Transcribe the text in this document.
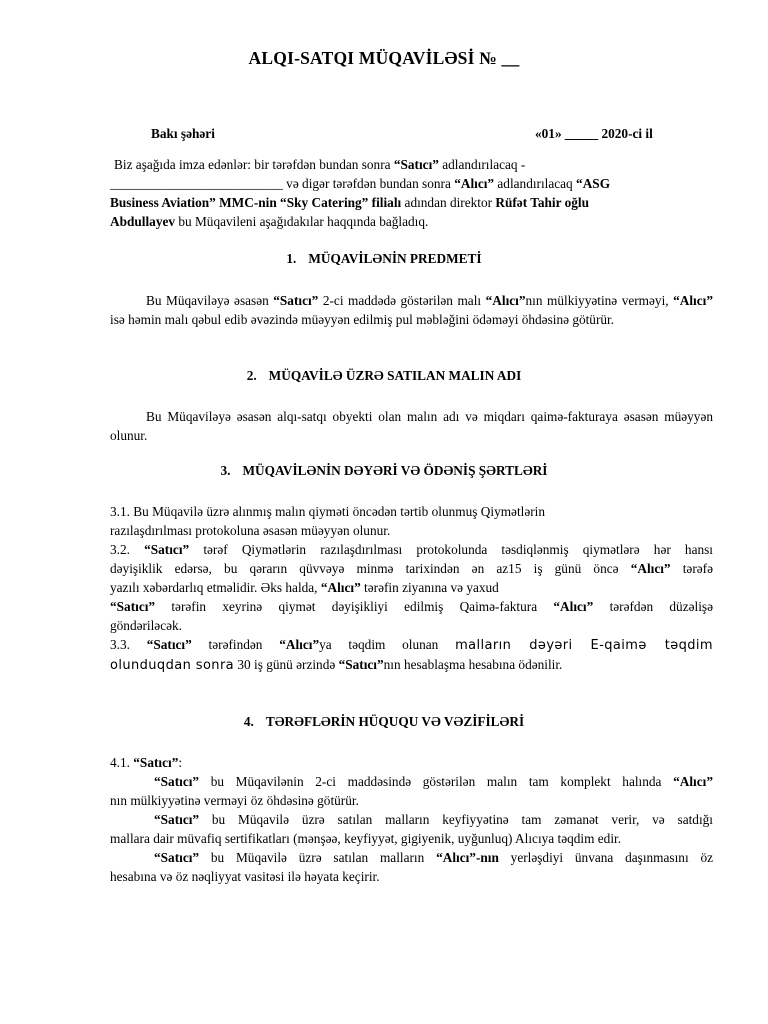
ALQI-SATQI MÜQAVİLƏSİ № __
Bakı şəhəri	«01» _____ 2020-ci il
Biz aşağıda imza edənlər: bir tərəfdən bundan sonra “Satıcı” adlandırılacaq -
__________________________ və digər tərəfdən bundan sonra “Alıcı” adlandırılacaq “ASG
Business Aviation” MMC-nin “Sky Catering” filialı adından direktor Rüfət Tahir oğlu
Abdullayev bu Müqavileni aşağıdakılar haqqında bağladıq.
1. MÜQAVİLƏNİN PREDMETİ

Bu Müqaviləyə əsasən “Satıcı” 2-ci maddədə göstərilən malı “Alıcı”nın mülkiyyətinə verməyi, “Alıcı” isə həmin malı qəbul edib əvəzində müəyyən edilmiş pul məbləğini ödəməyi öhdəsinə götürür.

2. MÜQAVİLƏ ÜZRƏ SATILAN MALIN ADI

Bu Müqaviləyə əsasən alqı-satqı obyekti olan malın adı və miqdarı qaimə-fakturaya əsasən müəyyən olunur.

3. MÜQAVİLƏNİN DƏYƏRİ VƏ ÖDƏNİŞ ŞƏRTLƏRİ
3.1. Bu Müqavilə üzrə alınmış malın qiyməti öncədən tərtib olunmuş Qiymətlərin
razılaşdırılması protokoluna əsasən müəyyən olunur.
3.2. “Satıcı” tərəf Qiymətlərin razılaşdırılması protokolunda təsdiqlənmiş qiymətlərə hər hansı
dəyişiklik edərsə, bu qərarın qüvvəyə minmə tarixindən ən az15 iş günü öncə “Alıcı” tərəfə
yazılı xəbərdarlıq etməlidir. Əks halda, “Alıcı” tərəfin ziyanına və yaxud
“Satıcı” tərəfin xeyrinə qiymət dəyişikliyi edilmiş Qaimə-faktura “Alıcı” tərəfdən düzəlişə
göndəriləcək.
3.3. “Satıcı” tərəfindən “Alıcı”ya təqdim olunan malların dəyəri E-qaimə təqdim
olunduqdan sonra 30 iş günü ərzində “Satıcı”nın hesablaşma hesabına ödənilir.
4. TƏRƏFLƏRİN HÜQUQU VƏ VƏZİFİLƏRİ
4.1. “Satıcı”:
“Satıcı” bu Müqavilənin 2-ci maddəsində göstərilən malın tam komplekt halında “Alıcı”
nın mülkiyyətinə verməyi öz öhdəsinə götürür.
“Satıcı” bu Müqavilə üzrə satılan malların keyfiyyətinə tam zəmanət verir, və satdığı
mallara dair müvafiq sertifikatları (mənşəə, keyfiyyət, gigiyenik, uyğunluq) Alıcıya təqdim edir.
“Satıcı” bu Müqavilə üzrə satılan malların “Alıcı”-nın yerləşdiyi ünvana daşınmasını öz
hesabına və öz nəqliyyat vasitəsi ilə həyata keçirir.
